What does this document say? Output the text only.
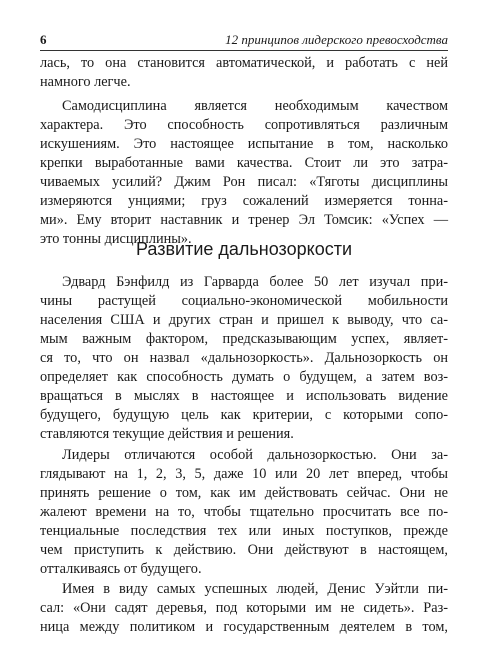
6	12 принципов лидерского превосходства
лась, то она становится автоматической, и работать с ней
намного легче.
Самодисциплина является необходимым качеством
характера. Это способность сопротивляться различным
искушениям. Это настоящее испытание в том, насколько
крепки выработанные вами качества. Стоит ли это затра-
чиваемых усилий? Джим Рон писал: «Тяготы дисциплины
измеряются унциями; груз сожалений измеряется тонна-
ми». Ему вторит наставник и тренер Эл Томсик: «Успех —
это тонны дисциплины».
Развитие дальнозоркости
Эдвард Бэнфилд из Гарварда более 50 лет изучал при-
чины растущей социально-экономической мобильности
населения США и других стран и пришел к выводу, что са-
мым важным фактором, предсказывающим успех, являет-
ся то, что он назвал «дальнозоркость». Дальнозоркость он
определяет как способность думать о будущем, а затем воз-
вращаться в мыслях в настоящее и использовать видение
будущего, будущую цель как критерии, с которыми сопо-
ставляются текущие действия и решения.
Лидеры отличаются особой дальнозоркостью. Они за-
глядывают на 1, 2, 3, 5, даже 10 или 20 лет вперед, чтобы
принять решение о том, как им действовать сейчас. Они не
жалеют времени на то, чтобы тщательно просчитать все по-
тенциальные последствия тех или иных поступков, прежде
чем приступить к действию. Они действуют в настоящем,
отталкиваясь от будущего.
Имея в виду самых успешных людей, Денис Уэйтли пи-
сал: «Они садят деревья, под которыми им не сидеть». Раз-
ница между политиком и государственным деятелем в том,
